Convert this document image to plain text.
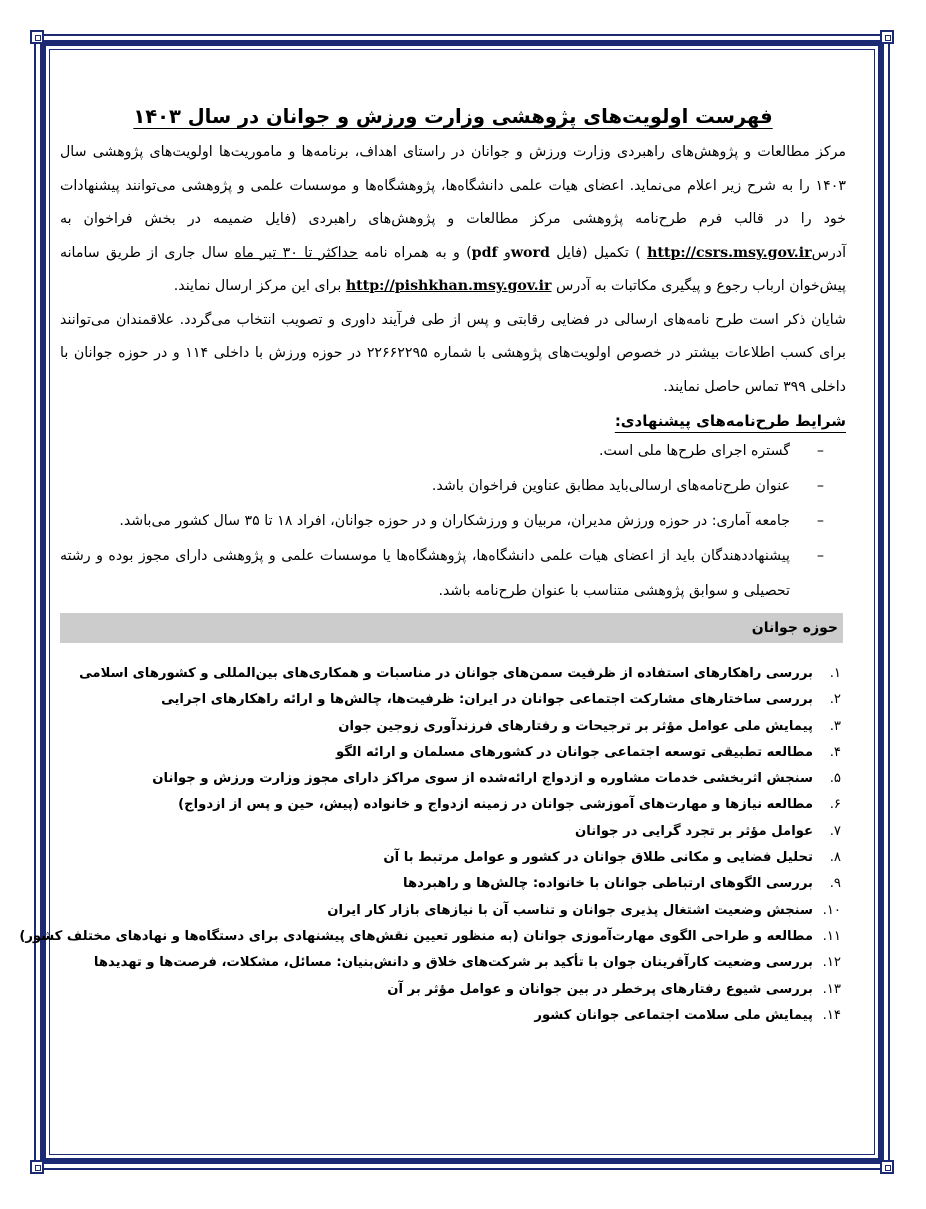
فهرست اولویت‌های پژوهشی وزارت ورزش و جوانان در سال ۱۴۰۳

مرکز مطالعات و پژوهش‌های راهبردی وزارت ورزش و جوانان در راستای اهداف، برنامه‌ها و ماموریت‌ها اولویت‌های پژوهشی سال ۱۴۰۳ را به شرح زیر اعلام می‌نماید. اعضای هیات علمی دانشگاه‌ها، پژوهشگاه‌ها و موسسات علمی و پژوهشی می‌توانند پیشنهادات خود را در قالب فرم طرح‌نامه پژوهشی مرکز مطالعات و پژوهش‌های راهبردی (فایل ضمیمه در بخش فراخوان به آدرسhttp://csrs.msy.gov.ir ) تکمیل (فایل wordو pdf) و به همراه نامه حداکثر تا ۳۰ تیر ماه سال جاری از طریق سامانه پیش‌خوان ارباب رجوع و پیگیری مکاتبات به آدرس http://pishkhan.msy.gov.ir برای این مرکز ارسال نمایند.

شایان ذکر است طرح نامه‌های ارسالی در فضایی رقابتی و پس از طی فرآیند داوری و تصویب انتخاب می‌گردد. علاقمندان می‌توانند برای کسب اطلاعات بیشتر در خصوص اولویت‌های پژوهشی با شماره ۲۲۶۶۲۲۹۵ در حوزه ورزش با داخلی ۱۱۴ و در حوزه جوانان با داخلی ۳۹۹ تماس حاصل نمایند.

شرایط طرح‌نامه‌های پیشنهادی:
–
گستره اجرای طرح‌ها ملی است.
–
عنوان طرح‌نامه‌های ارسالی‌باید مطابق عناوین فراخوان باشد.
–
جامعه آماری: در حوزه ورزش مدیران، مربیان و ورزشکاران و در حوزه جوانان، افراد ۱۸ تا ۳۵ سال کشور می‌باشد.
–
پیشنهاددهندگان باید از اعضای هیات علمی دانشگاه‌ها، پژوهشگاه‌ها یا موسسات علمی و پژوهشی دارای مجوز بوده و رشته تحصیلی و سوابق پژوهشی متناسب با عنوان طرح‌نامه باشد.
حوزه جوانان
۱.
بررسی راهکارهای استفاده از ظرفیت سمن‌های جوانان در مناسبات و همکاری‌های بین‌المللی و کشورهای اسلامی
۲.
بررسی ساختارهای مشارکت اجتماعی جوانان در ایران: ظرفیت‌ها، چالش‌ها و ارائه راهکارهای اجرایی
۳.
پیمایش ملی عوامل مؤثر بر ترجیحات و رفتارهای فرزندآوری زوجین جوان
۴.
مطالعه تطبیقی توسعه اجتماعی جوانان در کشورهای مسلمان و ارائه الگو
۵.
سنجش اثربخشی خدمات مشاوره و ازدواج ارائه‌شده از سوی مراکز دارای مجوز وزارت ورزش و جوانان
۶.
مطالعه نیازها و مهارت‌های آموزشی جوانان در زمینه ازدواج و خانواده (پیش، حین و پس از ازدواج)
۷.
عوامل مؤثر بر تجرد گرایی در جوانان
۸.
تحلیل فضایی و مکانی طلاق جوانان در کشور و عوامل مرتبط با آن
۹.
بررسی الگوهای ارتباطی جوانان با خانواده: چالش‌ها و راهبردها
۱۰.
سنجش وضعیت اشتغال پذیری جوانان و تناسب آن با نیازهای بازار کار ایران
۱۱.
مطالعه و طراحی الگوی مهارت‌آموزی جوانان (به منظور تعیین نقش‌های پیشنهادی برای دستگاه‌ها و نهادهای مختلف کشور)
۱۲.
بررسی وضعیت کارآفرینان جوان با تأکید بر شرکت‌های خلاق و دانش‌بنیان: مسائل، مشکلات، فرصت‌ها و تهدیدها
۱۳.
بررسی شیوع رفتارهای پرخطر در بین جوانان و عوامل مؤثر بر آن
۱۴.
پیمایش ملی سلامت اجتماعی جوانان کشور
